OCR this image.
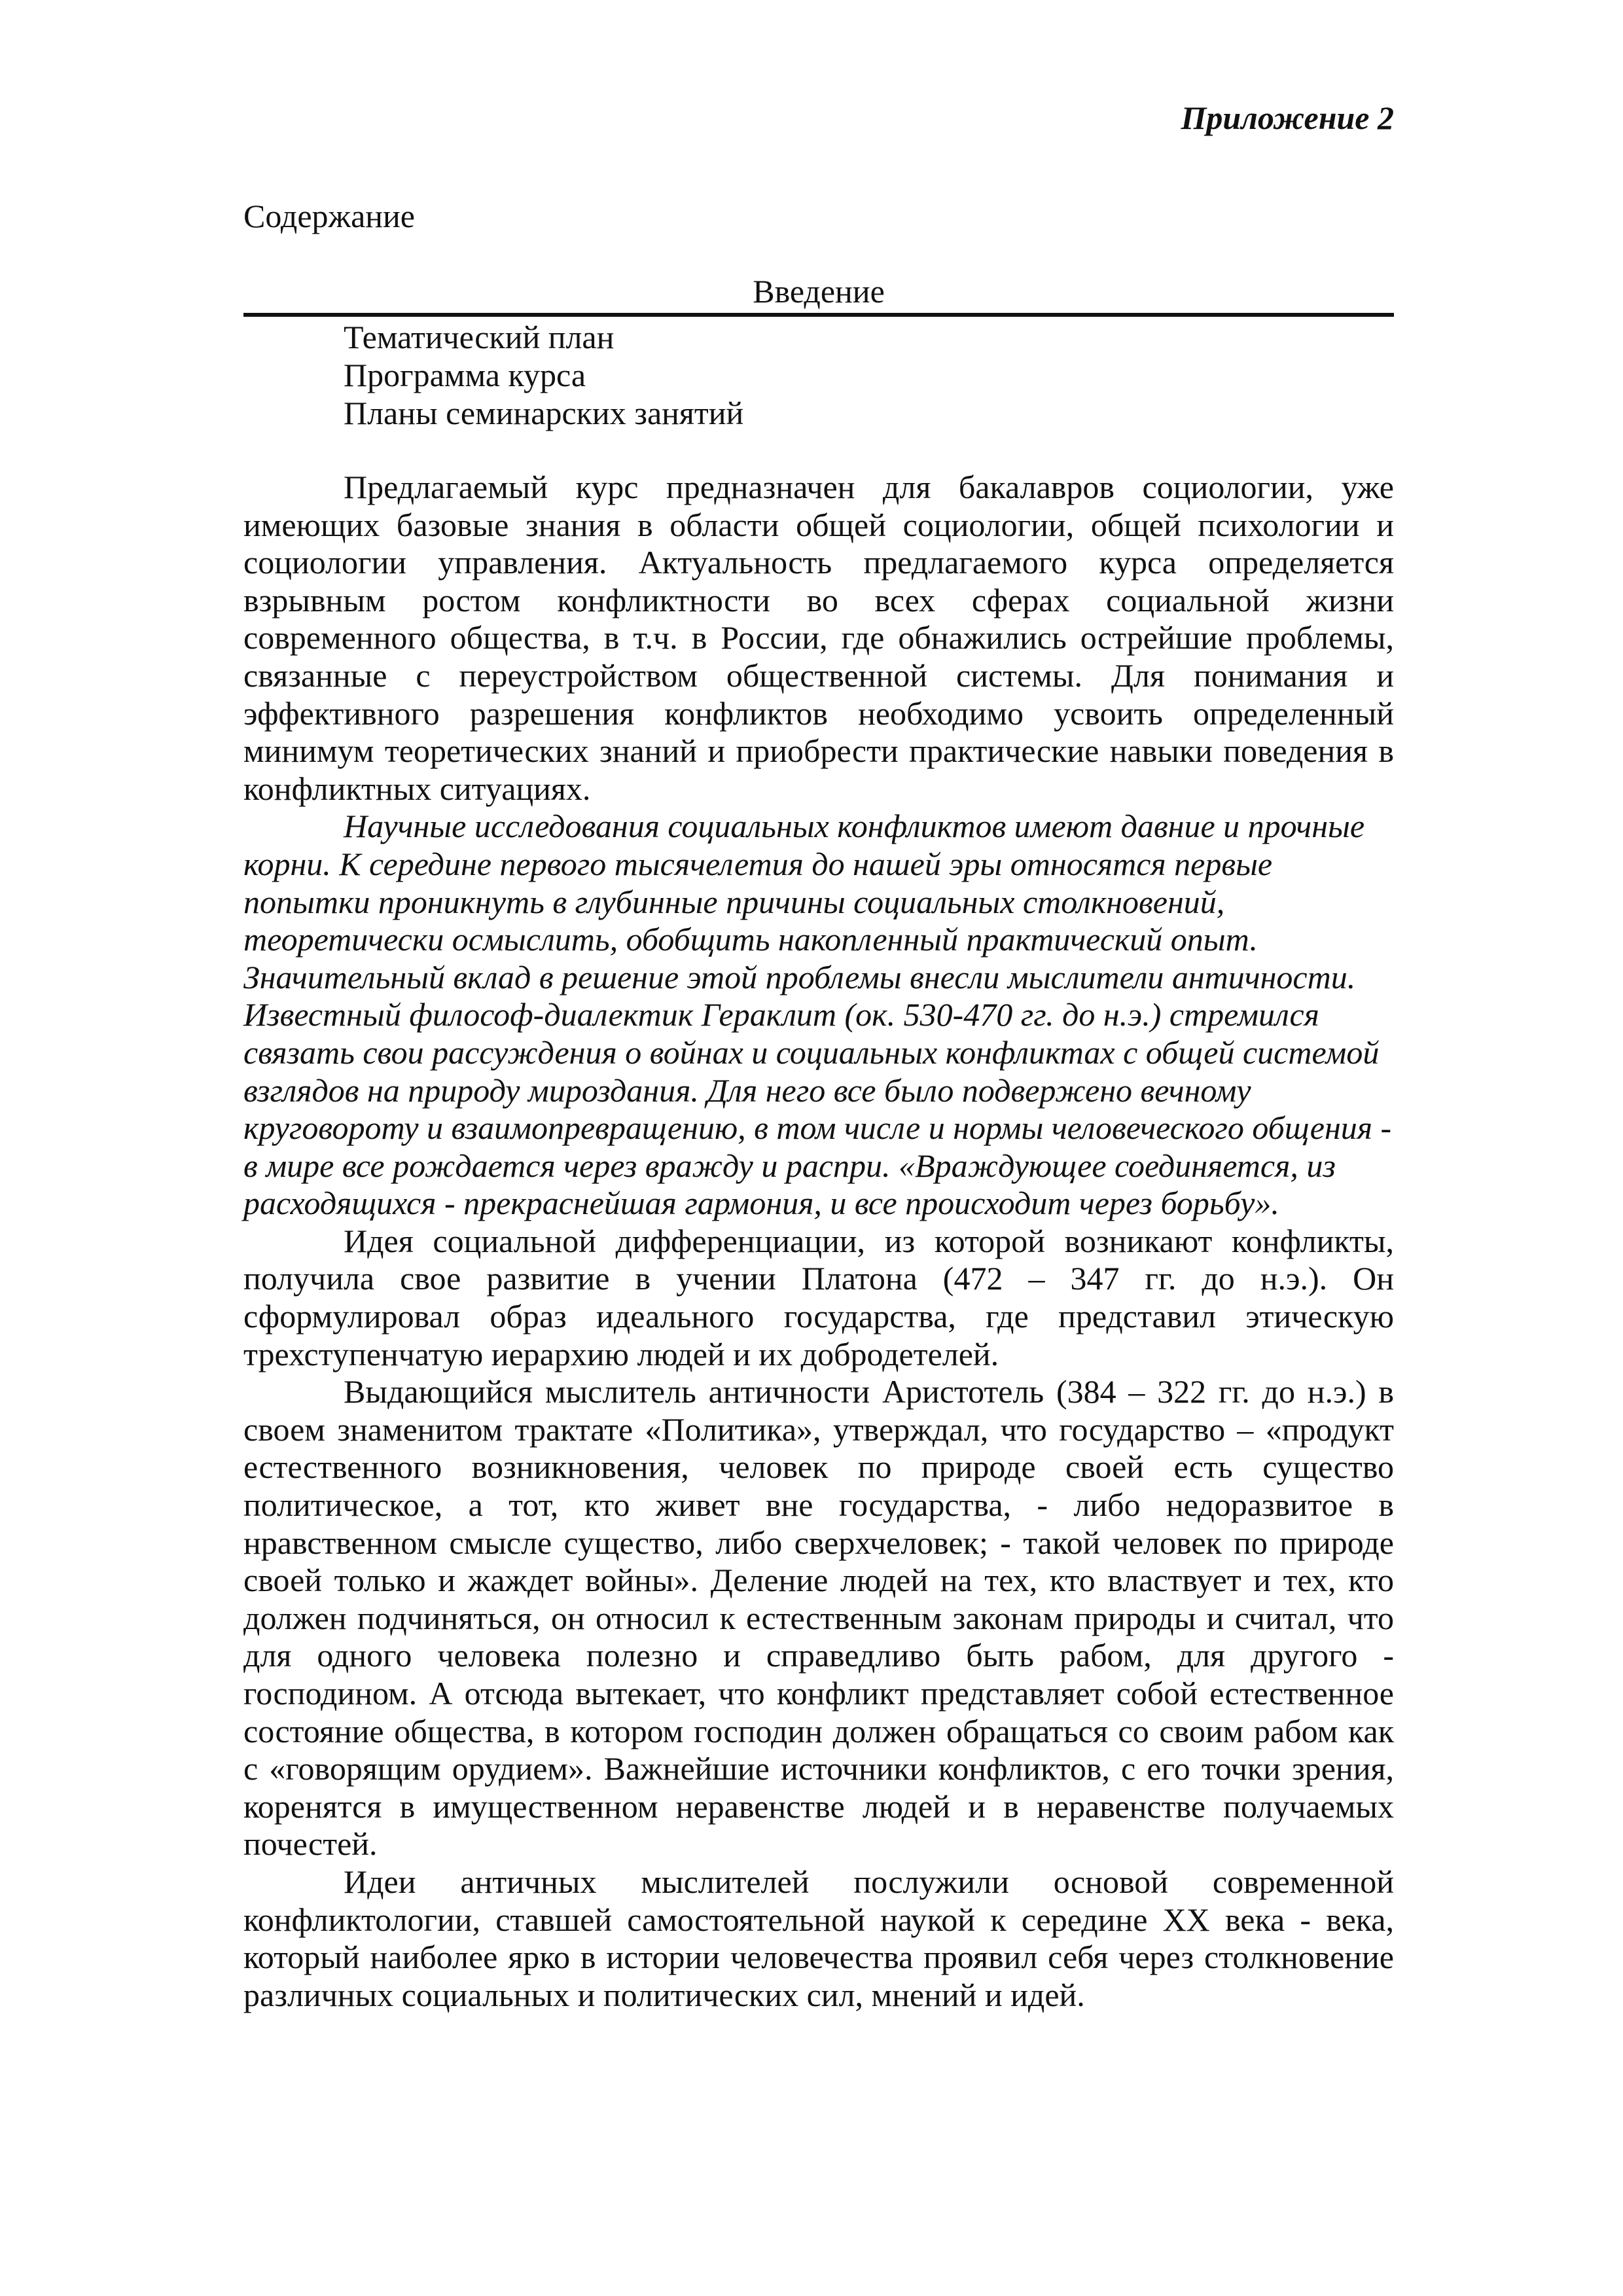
Приложение 2
Содержание
Введение
Тематический план
Программа курса
Планы семинарских занятий

Предлагаемый курс предназначен для бакалавров социологии, уже имеющих базовые знания в области общей социологии, общей психологии и социологии управления. Актуальность предлагаемого курса определяется взрывным ростом конфликтности во всех сферах социальной жизни современного общества, в т.ч. в России, где обнажились острейшие проблемы, связанные с переустройством общественной системы. Для понимания и эффективного разрешения конфликтов необходимо усвоить определенный минимум теоретических знаний и приобрести практические навыки поведения в конфликтных ситуациях.

Научные исследования социальных конфликтов имеют давние и прочные корни. К середине первого тысячелетия до нашей эры относятся первые попытки проникнуть в глубинные причины социальных столкновений, теоретически осмыслить, обобщить накопленный практический опыт. Значительный вклад в решение этой проблемы внесли мыслители античности. Известный философ-диалектик Гераклит (ок. 530-470 гг. до н.э.) стремился связать свои рассуждения о войнах и социальных конфликтах с общей системой взглядов на природу мироздания. Для него все было подвержено вечному круговороту и взаимопревращению, в том числе и нормы человеческого общения - в мире все рождается через вражду и распри. «Враждующее соединяется, из расходящихся - прекраснейшая гармония, и все происходит через борьбу».

Идея социальной дифференциации, из которой возникают конфликты, получила свое развитие в учении Платона (472 – 347 гг. до н.э.). Он сформулировал образ идеального государства, где представил этическую трехступенчатую иерархию людей и их добродетелей.

Выдающийся мыслитель античности Аристотель (384 – 322 гг. до н.э.) в своем знаменитом трактате «Политика», утверждал, что государство – «продукт естественного возникновения, человек по природе своей есть существо политическое, а тот, кто живет вне государства, - либо недоразвитое в нравственном смысле существо, либо сверхчеловек; - такой человек по природе своей только и жаждет войны». Деление людей на тех, кто властвует и тех, кто должен подчиняться, он относил к естественным законам природы и считал, что для одного человека полезно и справедливо быть рабом, для другого - господином. А отсюда вытекает, что конфликт представляет собой естественное состояние общества, в котором господин должен обращаться со своим рабом как с «говорящим орудием». Важнейшие источники конфликтов, с его точки зрения, коренятся в имущественном неравенстве людей и в неравенстве получаемых почестей.

Идеи античных мыслителей послужили основой современной конфликтологии, ставшей самостоятельной наукой к середине XX века - века, который наиболее ярко в истории человечества проявил себя через столкновение различных социальных и политических сил, мнений и идей.
